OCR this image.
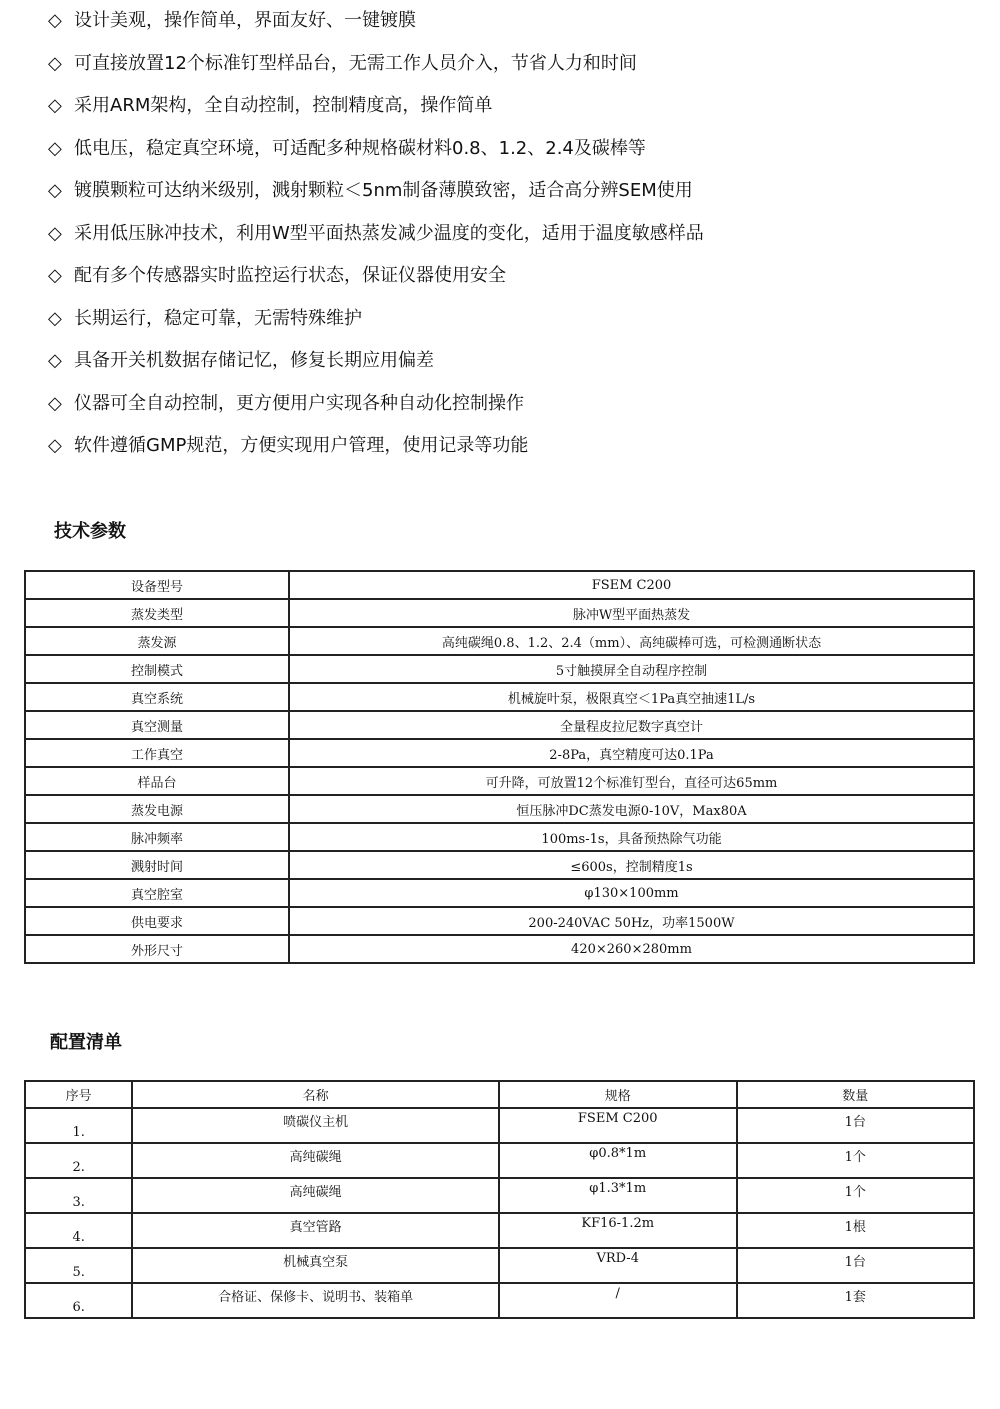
◇ 设计美观，操作简单，界面友好、一键镀膜
◇ 可直接放置12个标准钉型样品台，无需工作人员介入，节省人力和时间
◇ 采用ARM架构，全自动控制，控制精度高，操作简单
◇ 低电压，稳定真空环境，可适配多种规格碳材料0.8、1.2、2.4及碳棒等
◇ 镀膜颗粒可达纳米级别，溅射颗粒＜5nm制备薄膜致密，适合高分辨SEM使用
◇ 采用低压脉冲技术，利用W型平面热蒸发减少温度的变化，适用于温度敏感样品
◇ 配有多个传感器实时监控运行状态，保证仪器使用安全
◇ 长期运行，稳定可靠，无需特殊维护
◇ 具备开关机数据存储记忆，修复长期应用偏差
◇ 仪器可全自动控制，更方便用户实现各种自动化控制操作
◇ 软件遵循GMP规范，方便实现用户管理，使用记录等功能
技术参数
设备型号	FSEM C200
蒸发类型	脉冲W型平面热蒸发
蒸发源	高纯碳绳0.8、1.2、2.4（mm）、高纯碳棒可选，可检测通断状态
控制模式	5寸触摸屏全自动程序控制
真空系统	机械旋叶泵，极限真空＜1Pa真空抽速1L/s
真空测量	全量程皮拉尼数字真空计
工作真空	2-8Pa，真空精度可达0.1Pa
样品台	可升降，可放置12个标准钉型台，直径可达65mm
蒸发电源	恒压脉冲DC蒸发电源0-10V，Max80A
脉冲频率	100ms-1s，具备预热除气功能
溅射时间	≤600s，控制精度1s
真空腔室	φ130×100mm
供电要求	200-240VAC 50Hz，功率1500W
外形尺寸	420×260×280mm
配置清单
序号	名称	规格	数量
1.	喷碳仪主机	FSEM C200	1台
2.	高纯碳绳	φ0.8*1m	1个
3.	高纯碳绳	φ1.3*1m	1个
4.	真空管路	KF16-1.2m	1根
5.	机械真空泵	VRD-4	1台
6.	合格证、保修卡、说明书、装箱单	/	1套
